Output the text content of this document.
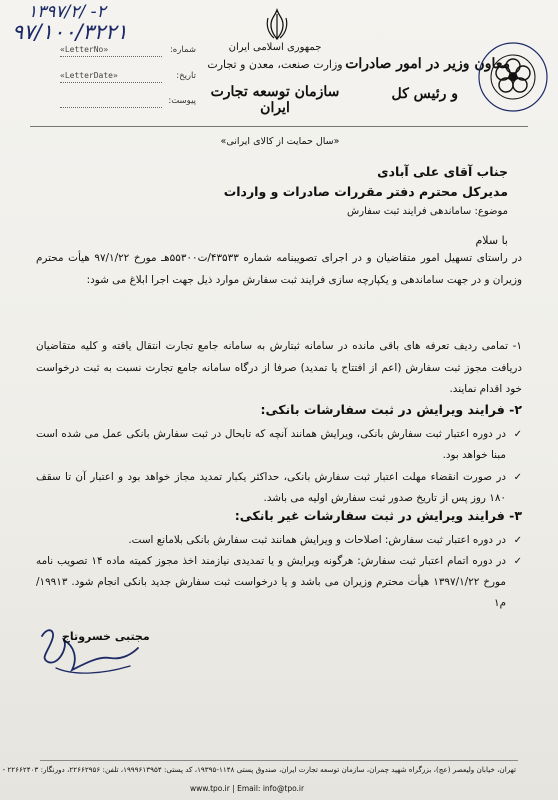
۱۳۹۷/۲/ -۲
۹۷/۱۰۰/۳۲۲۱
شماره:
«LetterNo»
تاریخ:
«LetterDate»
پیوست:
جمهوری اسلامی ایران
وزارت صنعت، معدن و تجارت
سازمان توسعه تجارت ایران
معاون وزیر در امور صادرات
و رئیس کل
«سال حمایت از کالای ایرانی»
جناب آقای علی آبادی
مدیرکل محترم دفتر مقررات صادرات و واردات
موضوع: ساماندهی فرایند ثبت سفارش
با سلام
در راستای تسهیل امور متقاضیان و در اجرای تصویبنامه شماره ۴۳۵۳۳/ت۵۵۳۰۰هـ مورخ ۹۷/۱/۲۲ هیأت محترم وزیران و در جهت ساماندهی و یکپارچه سازی فرایند ثبت سفارش موارد ذیل جهت اجرا ابلاغ می شود:
۱- تمامی ردیف تعرفه های باقی مانده در سامانه ثبتارش به سامانه جامع تجارت انتقال یافته و کلیه متقاضیان دریافت مجوز ثبت سفارش (اعم از افتتاح یا تمدید) صرفا از درگاه سامانه جامع تجارت نسبت به ثبت درخواست خود اقدام نمایند.
۲- فرایند ویرایش در ثبت سفارشات بانکی:
✓
در دوره اعتبار ثبت سفارش بانکی، ویرایش همانند آنچه که تابحال در ثبت سفارش بانکی عمل می شده است مبنا خواهد بود.
✓
در صورت انقضاء مهلت اعتبار ثبت سفارش بانکی، حداکثر یکبار تمدید مجاز خواهد بود و اعتبار آن تا سقف ۱۸۰ روز پس از تاریخ صدور ثبت سفارش اولیه می باشد.
۳- فرایند ویرایش در ثبت سفارشات غیر بانکی:
✓
در دوره اعتبار ثبت سفارش: اصلاحات و ویرایش همانند ثبت سفارش بانکی بلامانع است.
✓
در دوره اتمام اعتبار ثبت سفارش: هرگونه ویرایش و یا تمدیدی نیازمند اخذ مجوز کمیته ماده ۱۴ تصویب نامه مورخ ۱۳۹۷/۱/۲۲ هیأت محترم وزیران می باشد و یا درخواست ثبت سفارش جدید بانکی انجام شود. ۱۹۹۱۳/م۱
مجتبی خسروتاج
تهران، خیابان ولیعصر (عج)، بزرگراه شهید چمران، سازمان توسعه تجارت ایران، صندوق پستی ۱۱۴۸-۱۹۳۹۵، کد پستی: ۱۹۹۹۶۱۳۹۵۴، تلفن: ۲۲۶۶۲۹۵۶، دورنگار: ۲۲۶۶۲۴۰۳ -
www.tpo.ir | Email: info@tpo.ir
